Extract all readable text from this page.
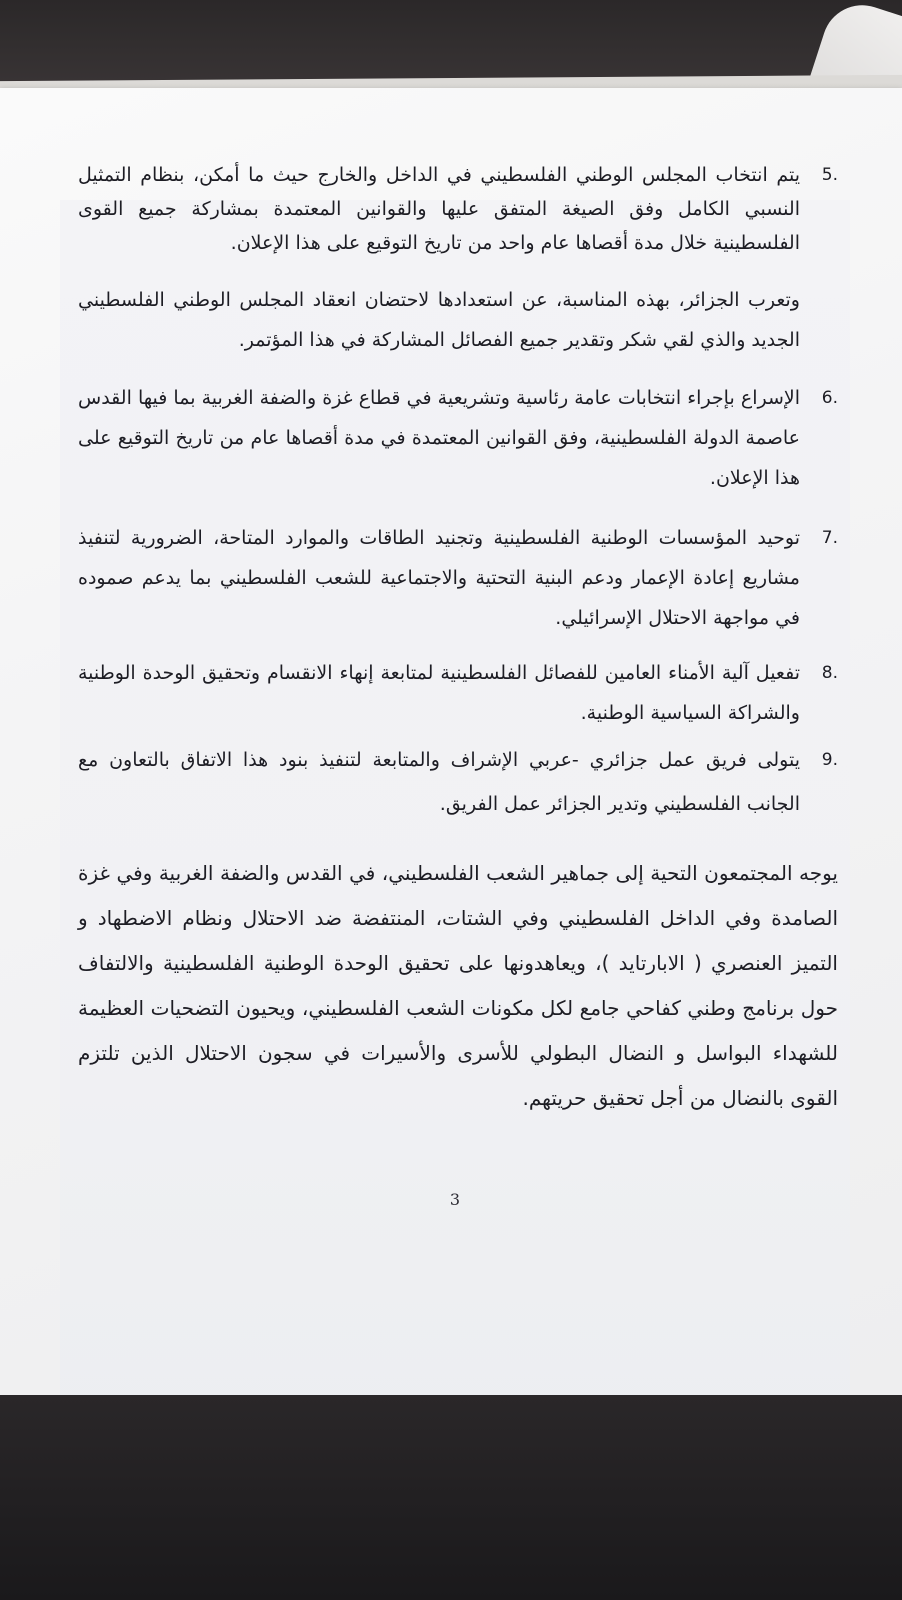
5.
يتم انتخاب المجلس الوطني الفلسطيني في الداخل والخارج حيث ما أمكن، بنظام التمثيل النسبي الكامل وفق الصيغة المتفق عليها والقوانين المعتمدة بمشاركة جميع القوى الفلسطينية خلال مدة أقصاها عام واحد من تاريخ التوقيع على هذا الإعلان.
وتعرب الجزائر، بهذه المناسبة، عن استعدادها لاحتضان انعقاد المجلس الوطني الفلسطيني الجديد والذي لقي شكر وتقدير جميع الفصائل المشاركة في هذا المؤتمر.
6.
الإسراع بإجراء انتخابات عامة رئاسية وتشريعية في قطاع غزة والضفة الغربية بما فيها القدس عاصمة الدولة الفلسطينية، وفق القوانين المعتمدة في مدة أقصاها عام من تاريخ التوقيع على هذا الإعلان.
7.
توحيد المؤسسات الوطنية الفلسطينية وتجنيد الطاقات والموارد المتاحة، الضرورية لتنفيذ مشاريع إعادة الإعمار ودعم البنية التحتية والاجتماعية للشعب الفلسطيني بما يدعم صموده في مواجهة الاحتلال الإسرائيلي.
8.
تفعيل آلية الأمناء العامين للفصائل الفلسطينية لمتابعة إنهاء الانقسام وتحقيق الوحدة الوطنية والشراكة السياسية الوطنية.
9.
يتولى فريق عمل جزائري -عربي الإشراف والمتابعة لتنفيذ بنود هذا الاتفاق بالتعاون مع الجانب الفلسطيني وتدير الجزائر عمل الفريق.
يوجه المجتمعون التحية إلى جماهير الشعب الفلسطيني، في القدس والضفة الغربية وفي غزة الصامدة وفي الداخل الفلسطيني وفي الشتات، المنتفضة ضد الاحتلال ونظام الاضطهاد و التميز العنصري ( الابارتايد )، ويعاهدونها على تحقيق الوحدة الوطنية الفلسطينية والالتفاف حول برنامج وطني كفاحي جامع لكل مكونات الشعب الفلسطيني، ويحيون التضحيات العظيمة للشهداء البواسل و النضال البطولي للأسرى والأسيرات في سجون الاحتلال الذين تلتزم القوى بالنضال من أجل تحقيق حريتهم.
3
